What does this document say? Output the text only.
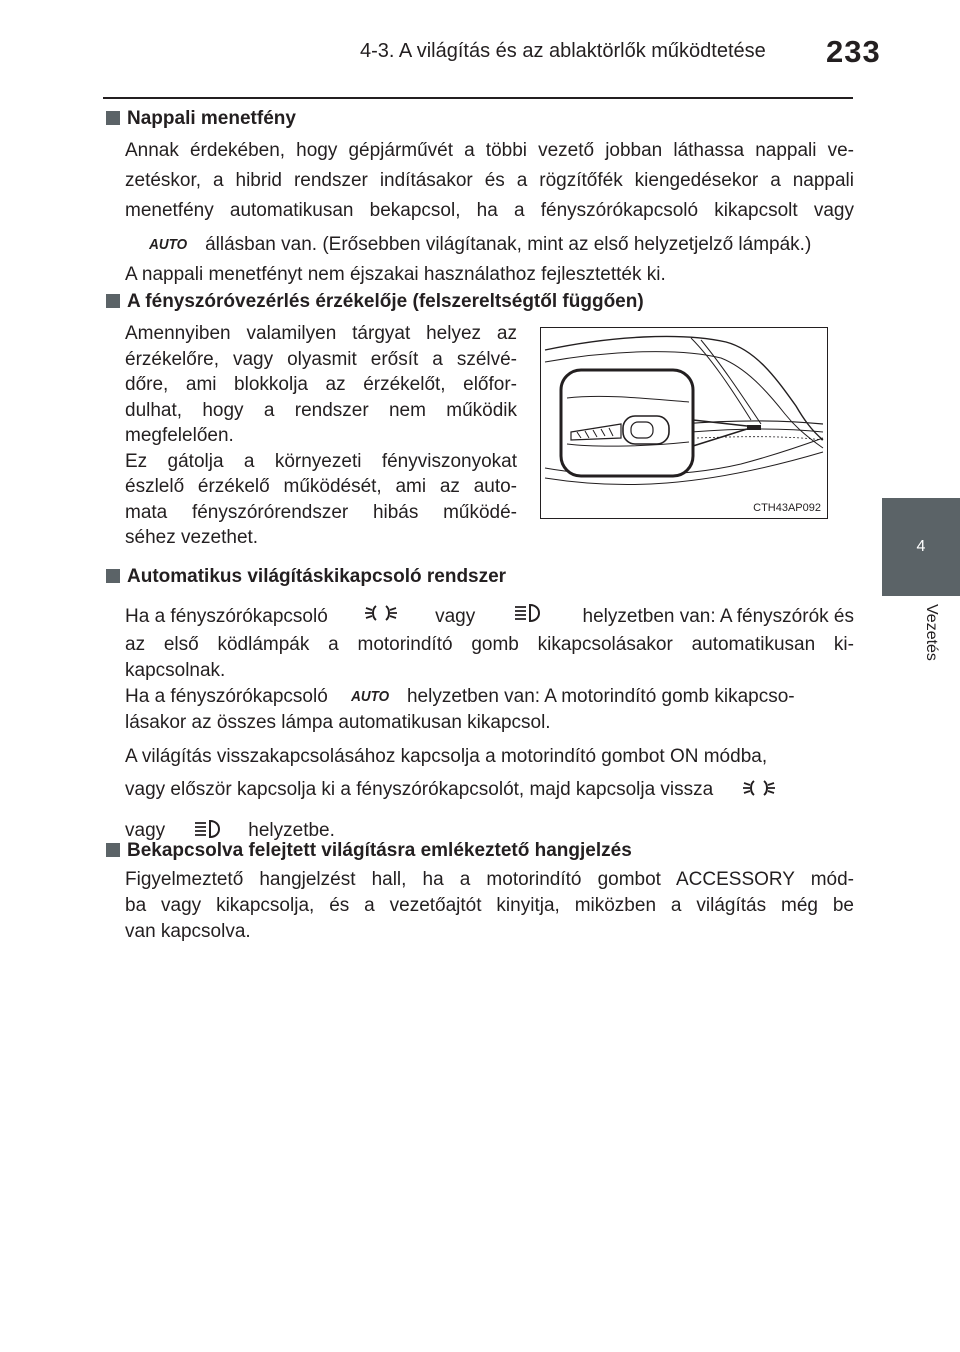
4-3. A világítás és az ablaktörlők működtetése	233
4
Vezetés
Nappali menetfény
Annak érdekében, hogy gépjárművét a többi vezető jobban láthassa nappali ve-
zetéskor, a hibrid rendszer indításakor és a rögzítőfék kiengedésekor a nappali
menetfény automatikusan bekapcsol, ha a fényszórókapcsoló kikapcsolt vagy
AUTO állásban van. (Erősebben világítanak, mint az első helyzetjelző lámpák.)
A nappali menetfényt nem éjszakai használathoz fejlesztették ki.
A fényszóróvezérlés érzékelője (felszereltségtől függően)
Amennyiben valamilyen tárgyat helyez az
érzékelőre, vagy olyasmit erősít a szélvé-
dőre, ami blokkolja az érzékelőt, előfor-
dulhat, hogy a rendszer nem működik
megfelelően.
Ez gátolja a környezeti fényviszonyokat
észlelő érzékelő működését, ami az auto-
mata fényszórórendszer hibás működé-
séhez vezethet.
CTH43AP092
Automatikus világításkikapcsoló rendszer
Ha a fényszórókapcsoló	vagy	helyzetben van: A fényszórók és
az első ködlámpák a motorindító gomb kikapcsolásakor automatikusan ki-
kapcsolnak.
Ha a fényszórókapcsoló AUTO helyzetben van: A motorindító gomb kikapcso-
lásakor az összes lámpa automatikusan kikapcsol.
A világítás visszakapcsolásához kapcsolja a motorindító gombot ON módba,
vagy először kapcsolja ki a fényszórókapcsolót, majd kapcsolja vissza
vagy	helyzetbe.
Bekapcsolva felejtett világításra emlékeztető hangjelzés
Figyelmeztető hangjelzést hall, ha a motorindító gombot ACCESSORY mód-
ba vagy kikapcsolja, és a vezetőajtót kinyitja, miközben a világítás még be
van kapcsolva.
